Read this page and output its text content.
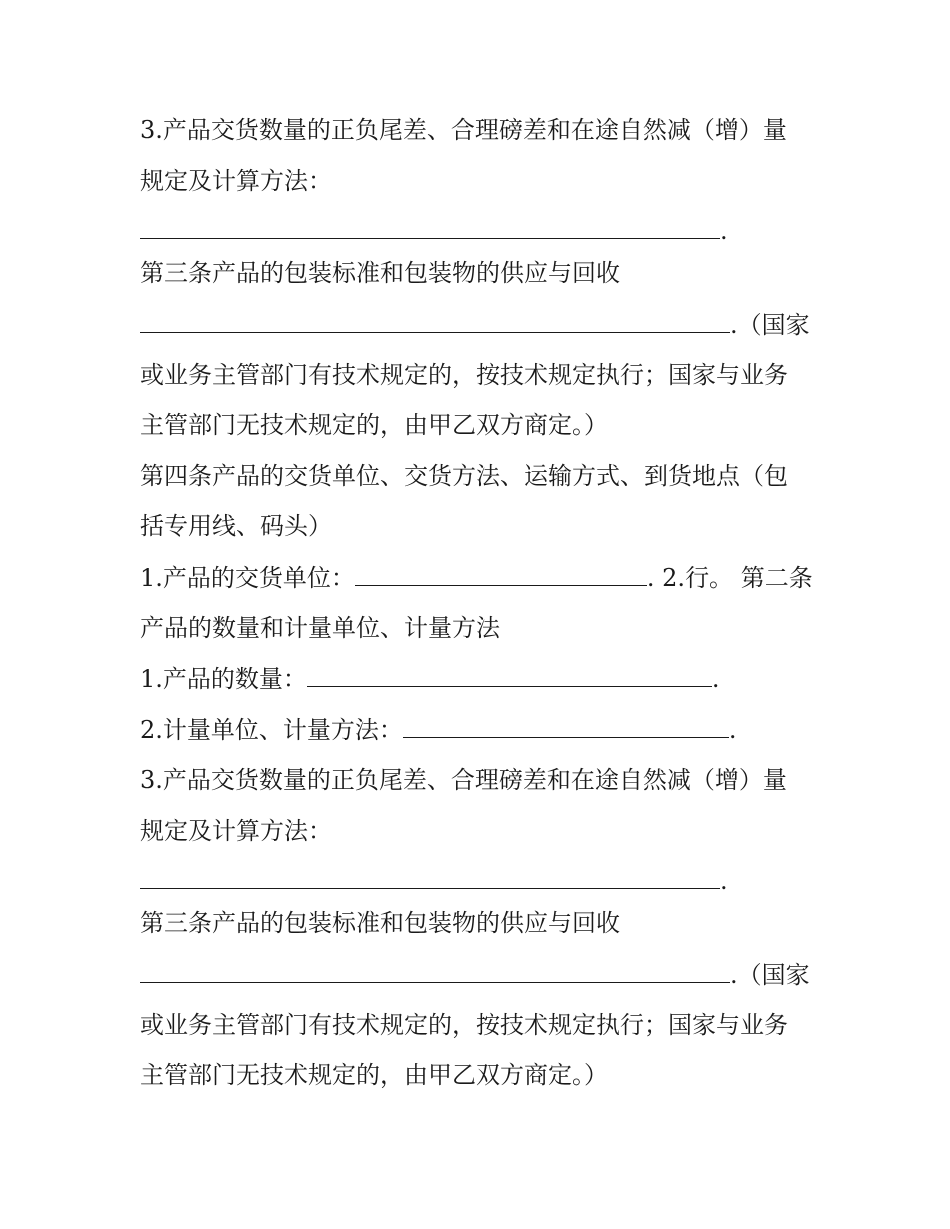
3.产品交货数量的正负尾差、合理磅差和在途自然减（增）量
规定及计算方法：
.
第三条产品的包装标准和包装物的供应与回收
.（国家
或业务主管部门有技术规定的，按技术规定执行；国家与业务
主管部门无技术规定的，由甲乙双方商定。）
第四条产品的交货单位、交货方法、运输方式、到货地点（包
括专用线、码头）
1.产品的交货单位：	. 2.行。 第二条
产品的数量和计量单位、计量方法
1.产品的数量：	.
2.计量单位、计量方法：	.
3.产品交货数量的正负尾差、合理磅差和在途自然减（增）量
规定及计算方法：
.
第三条产品的包装标准和包装物的供应与回收
.（国家
或业务主管部门有技术规定的，按技术规定执行；国家与业务
主管部门无技术规定的，由甲乙双方商定。）
